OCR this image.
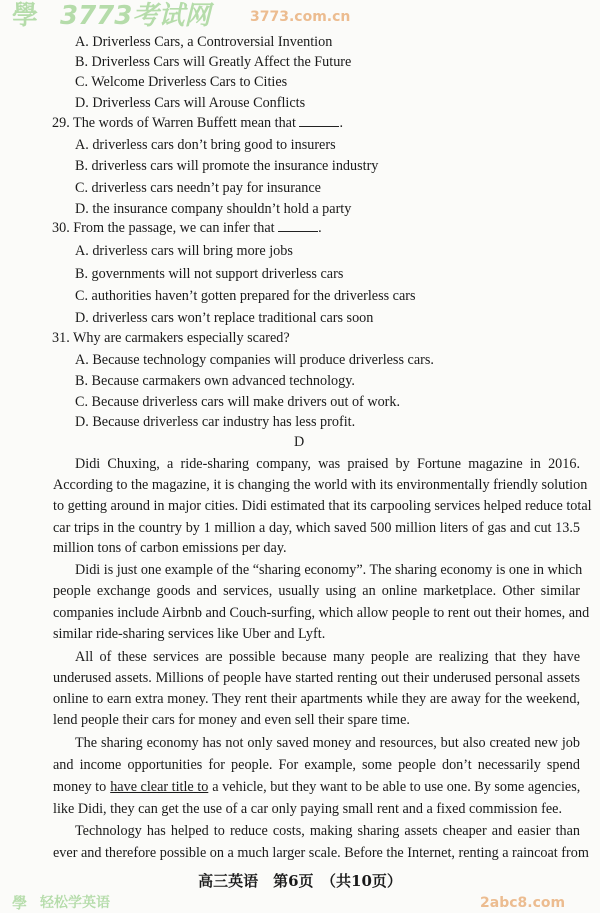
學 3773考试网	3773.com.cn
學 轻松学英语	2abc8.com
A. Driverless Cars, a Controversial Invention
B. Driverless Cars will Greatly Affect the Future
C. Welcome Driverless Cars to Cities
D. Driverless Cars will Arouse Conflicts
29. The words of Warren Buffett mean that	.
A. driverless cars don’t bring good to insurers
B. driverless cars will promote the insurance industry
C. driverless cars needn’t pay for insurance
D. the insurance company shouldn’t hold a party
30. From the passage, we can infer that	.
A. driverless cars will bring more jobs
B. governments will not support driverless cars
C. authorities haven’t gotten prepared for the driverless cars
D. driverless cars won’t replace traditional cars soon
31. Why are carmakers especially scared?
A. Because technology companies will produce driverless cars.
B. Because carmakers own advanced technology.
C. Because driverless cars will make drivers out of work.
D. Because driverless car industry has less profit.
D
Didi Chuxing, a ride-sharing company, was praised by Fortune magazine in 2016.
According to the magazine, it is changing the world with its environmentally friendly solution
to getting around in major cities. Didi estimated that its carpooling services helped reduce total
car trips in the country by 1 million a day, which saved 500 million liters of gas and cut 13.5
million tons of carbon emissions per day.
Didi is just one example of the “sharing economy”. The sharing economy is one in which
people exchange goods and services, usually using an online marketplace. Other similar
companies include Airbnb and Couch-surfing, which allow people to rent out their homes, and
similar ride-sharing services like Uber and Lyft.
All of these services are possible because many people are realizing that they have
underused assets. Millions of people have started renting out their underused personal assets
online to earn extra money. They rent their apartments while they are away for the weekend,
lend people their cars for money and even sell their spare time.
The sharing economy has not only saved money and resources, but also created new job
and income opportunities for people. For example, some people don’t necessarily spend
money to have clear title to a vehicle, but they want to be able to use one. By some agencies,
like Didi, they can get the use of a car only paying small rent and a fixed commission fee.
Technology has helped to reduce costs, making sharing assets cheaper and easier than
ever and therefore possible on a much larger scale. Before the Internet, renting a raincoat from
高三英语　第6页　（共10页）
